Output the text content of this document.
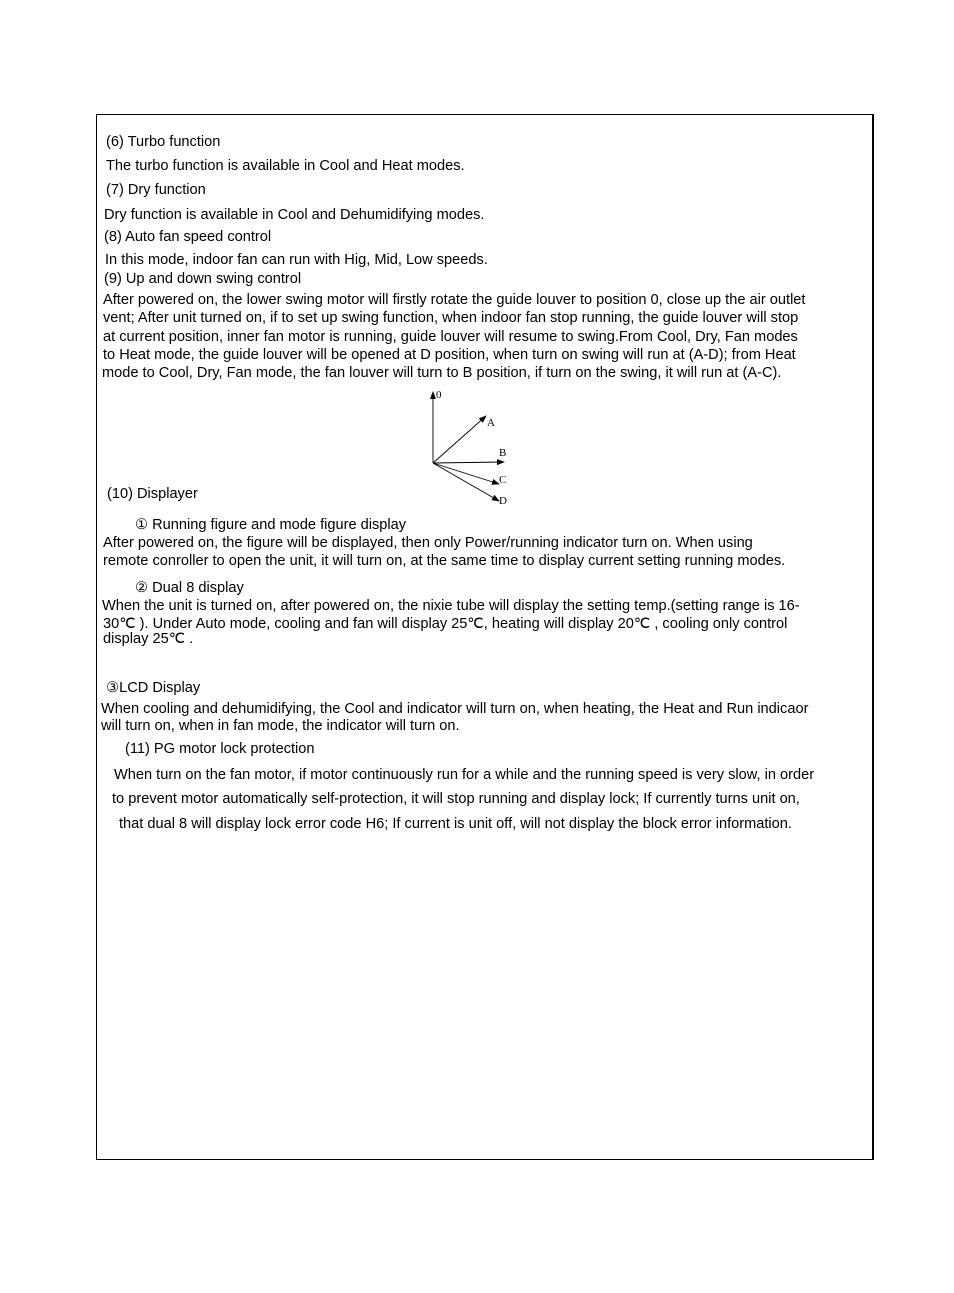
(6) Turbo function
The turbo function is available in Cool and Heat modes.
(7) Dry function
Dry function is available in Cool and Dehumidifying modes.
(8) Auto fan speed control
In this mode, indoor fan can run with Hig, Mid, Low speeds.
(9) Up and down swing control
After powered on, the lower swing motor will firstly rotate the guide louver to position 0, close up the air outlet
vent; After unit turned on, if to set up swing function, when indoor fan stop running, the guide louver will stop
at current position, inner fan motor is running, guide louver will resume to swing.From Cool, Dry, Fan modes
to Heat mode, the guide louver will be opened at D position, when turn on swing will run at (A-D); from Heat
mode to Cool, Dry, Fan mode, the fan louver will turn to B position, if turn on the swing, it will run at (A-C).
0
A
B
C
D
(10) Displayer
① Running figure and mode figure display
After powered on, the figure will be displayed, then only Power/running indicator turn on. When using
remote conroller to open the unit, it will turn on, at the same time to display current setting running modes.
② Dual 8 display
When the unit is turned on, after powered on, the nixie tube will display the setting temp.(setting range is 16-
30℃ ). Under Auto mode, cooling and fan will display 25℃, heating will display 20℃ , cooling only control
display 25℃ .
③LCD Display
When cooling and dehumidifying, the Cool and indicator will turn on, when heating, the Heat and Run indicaor
will turn on, when in fan mode, the indicator will turn on.
(11) PG motor lock protection
When turn on the fan motor, if motor continuously run for a while and the running speed is very slow, in order
to prevent motor automatically self-protection, it will stop running and display lock; If currently turns unit on,
that dual 8 will display lock error code H6; If current is unit off, will not display the block error information.
